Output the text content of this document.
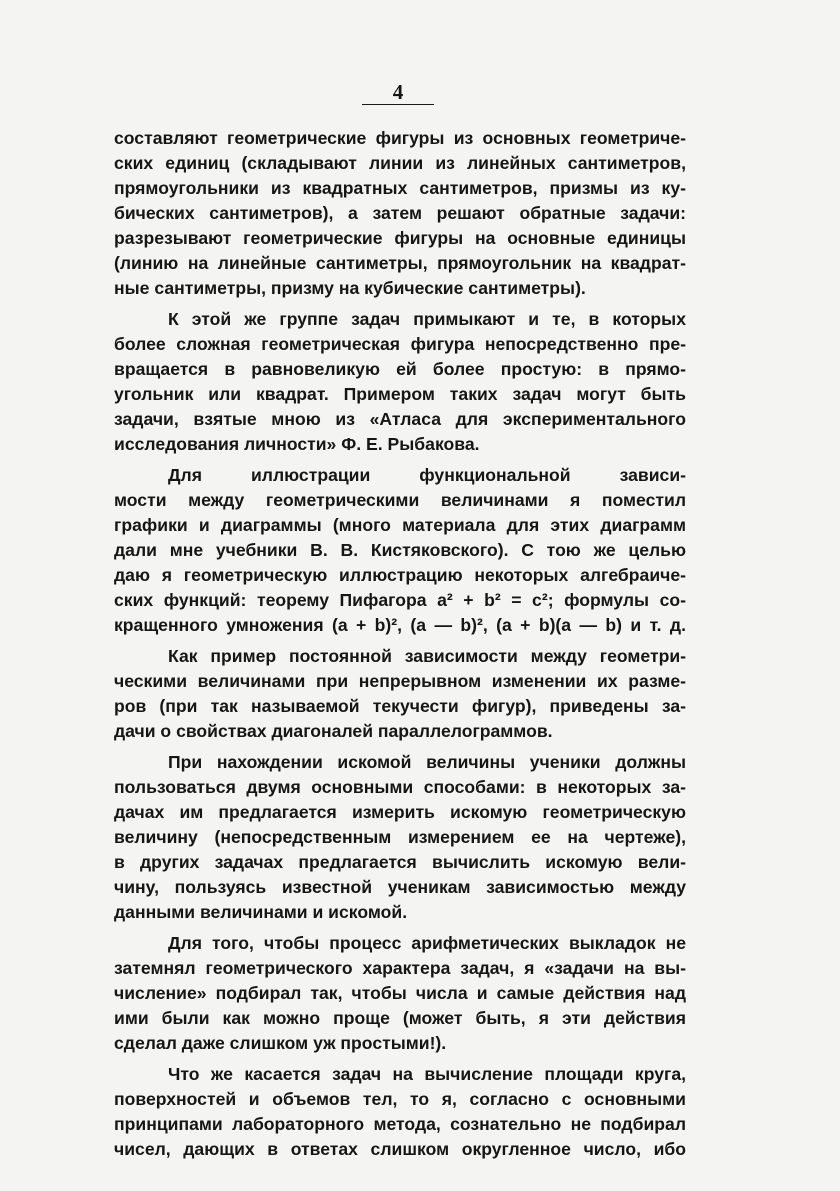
4
составляют геометрические фигуры из основных геометриче-
ских единиц (складывают линии из линейных сантиметров,
прямоугольники из квадратных сантиметров, призмы из ку-
бических сантиметров), а затем решают обратные задачи:
разрезывают геометрические фигуры на основные единицы
(линию на линейные сантиметры, прямоугольник на квадрат-
ные сантиметры, призму на кубические сантиметры).
К этой же группе задач примыкают и те, в которых
более сложная геометрическая фигура непосредственно пре-
вращается в равновеликую ей более простую: в прямо-
угольник или квадрат. Примером таких задач могут быть
задачи, взятые мною из «Атласа для экспериментального
исследования личности» Ф. Е. Рыбакова.
Для иллюстрации функциональной зависи-
мости между геометрическими величинами я поместил
графики и диаграммы (много материала для этих диаграмм
дали мне учебники В. В. Кистяковского). С тою же целью
даю я геометрическую иллюстрацию некоторых алгебраиче-
ских функций: теорему Пифагора a² + b² = c²; формулы со-
кращенного умножения (a + b)², (a — b)², (a + b)(a — b) и т. д.
Как пример постоянной зависимости между геометри-
ческими величинами при непрерывном изменении их разме-
ров (при так называемой текучести фигур), приведены за-
дачи о свойствах диагоналей параллелограммов.
При нахождении искомой величины ученики должны
пользоваться двумя основными способами: в некоторых за-
дачах им предлагается измерить искомую геометрическую
величину (непосредственным измерением ее на чертеже),
в других задачах предлагается вычислить искомую вели-
чину, пользуясь известной ученикам зависимостью между
данными величинами и искомой.
Для того, чтобы процесс арифметических выкладок не
затемнял геометрического характера задач, я «задачи на вы-
числение» подбирал так, чтобы числа и самые действия над
ими были как можно проще (может быть, я эти действия
сделал даже слишком уж простыми!).
Что же касается задач на вычисление площади круга,
поверхностей и объемов тел, то я, согласно с основными
принципами лабораторного метода, сознательно не подбирал
чисел, дающих в ответах слишком округленное число, ибо
